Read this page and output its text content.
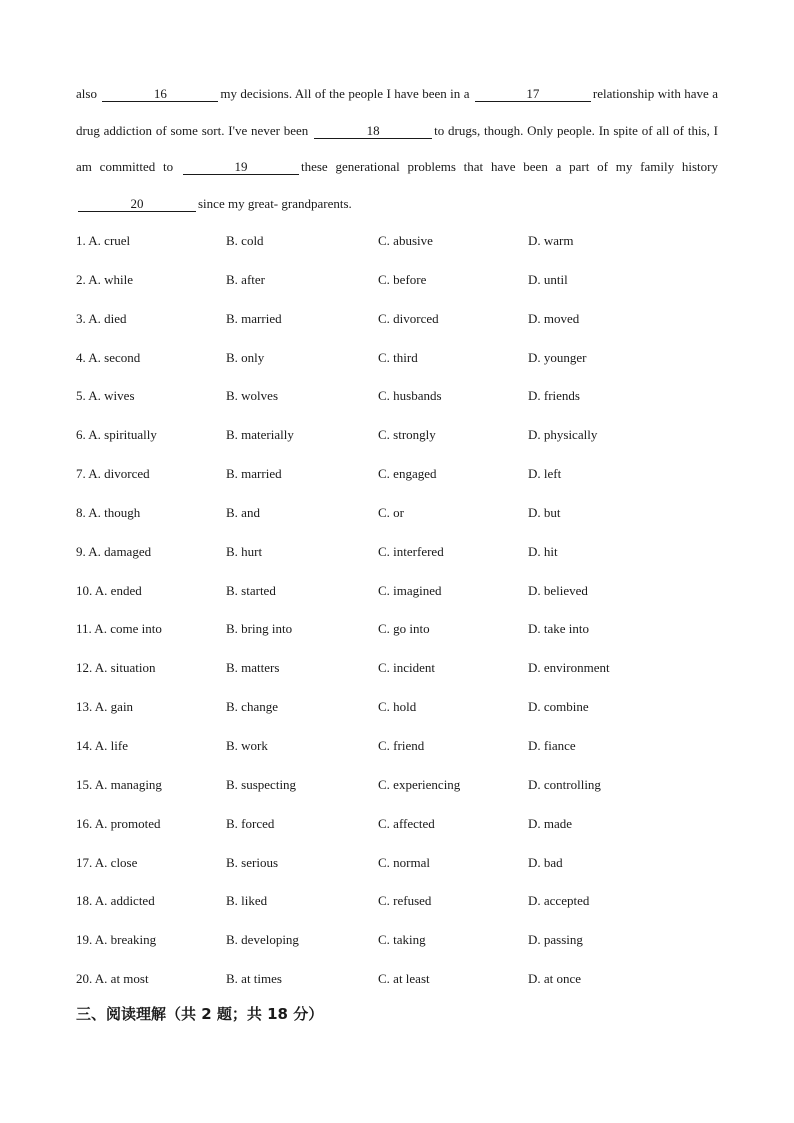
also	16	my decisions. All of the people I have been in a	17	relationship with have a drug addiction of some sort. I've never been	18	to drugs, though. Only people. In spite of all of this, I am committed to	19	these generational problems that have been a part of my family history 20	since my great- grandparents.
1. A. cruel	B. cold	C. abusive	D. warm
2. A. while	B. after	C. before	D. until
3. A. died	B. married	C. divorced	D. moved
4. A. second	B. only	C. third	D. younger
5. A. wives	B. wolves	C. husbands	D. friends
6. A. spiritually	B. materially	C. strongly	D. physically
7. A. divorced	B. married	C. engaged	D. left
8. A. though	B. and	C. or	D. but
9. A. damaged	B. hurt	C. interfered	D. hit
10. A. ended	B. started	C. imagined	D. believed
11. A. come into	B. bring into	C. go into	D. take into
12. A. situation	B. matters	C. incident	D. environment
13. A. gain	B. change	C. hold	D. combine
14. A. life	B. work	C. friend	D. fiance
15. A. managing	B. suspecting	C. experiencing	D. controlling
16. A. promoted	B. forced	C. affected	D. made
17. A. close	B. serious	C. normal	D. bad
18. A. addicted	B. liked	C. refused	D. accepted
19. A. breaking	B. developing	C. taking	D. passing
20. A. at most	B. at times	C. at least	D. at once
三、阅读理解（共 2 题；共 18 分）
